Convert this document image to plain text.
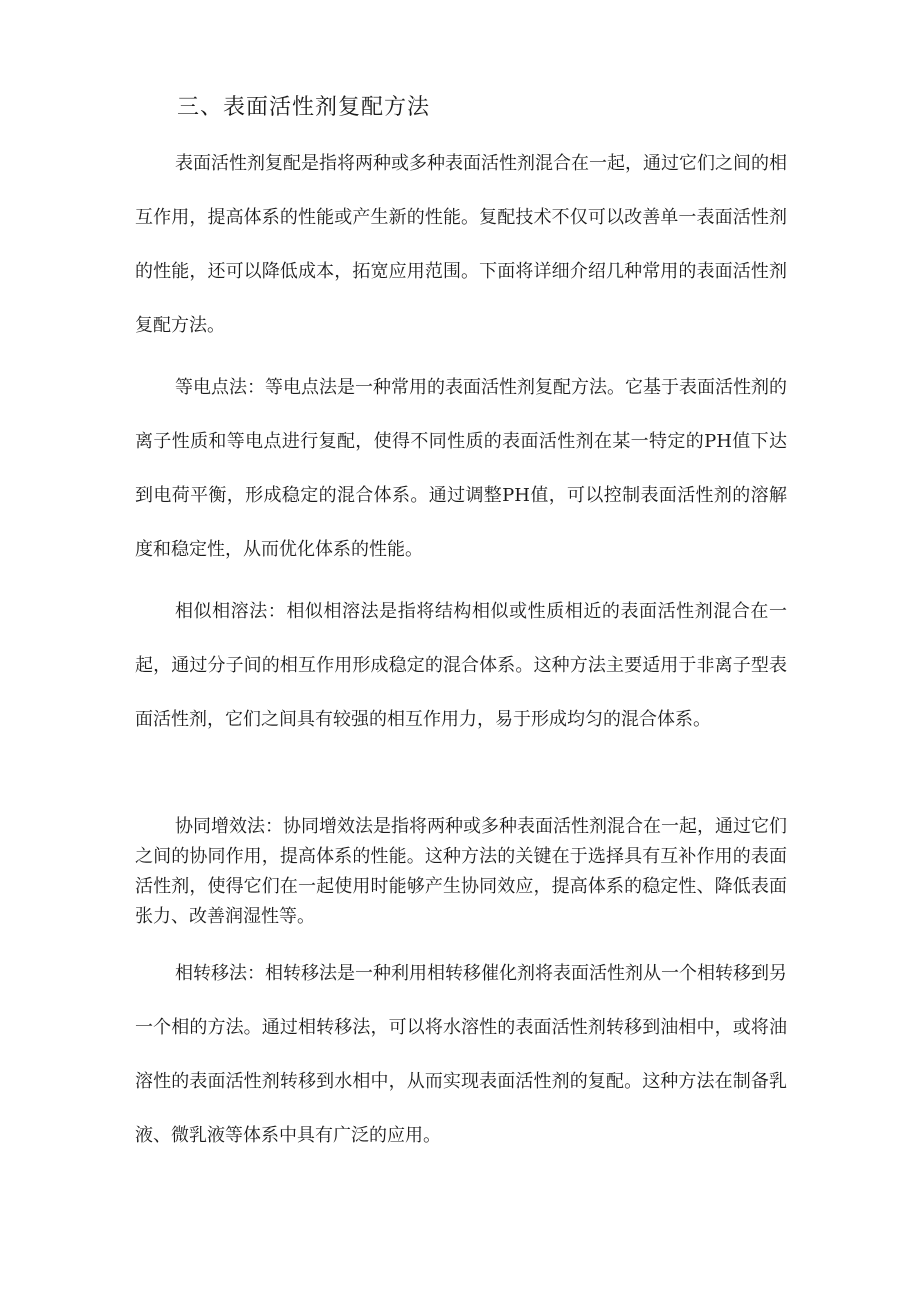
三、表面活性剂复配方法

表面活性剂复配是指将两种或多种表面活性剂混合在一起，通过它们之间的相互作用，提高体系的性能或产生新的性能。复配技术不仅可以改善单一表面活性剂的性能，还可以降低成本，拓宽应用范围。下面将详细介绍几种常用的表面活性剂复配方法。

等电点法：等电点法是一种常用的表面活性剂复配方法。它基于表面活性剂的离子性质和等电点进行复配，使得不同性质的表面活性剂在某一特定的PH值下达到电荷平衡，形成稳定的混合体系。通过调整PH值，可以控制表面活性剂的溶解度和稳定性，从而优化体系的性能。

相似相溶法：相似相溶法是指将结构相似或性质相近的表面活性剂混合在一起，通过分子间的相互作用形成稳定的混合体系。这种方法主要适用于非离子型表面活性剂，它们之间具有较强的相互作用力，易于形成均匀的混合体系。

协同增效法：协同增效法是指将两种或多种表面活性剂混合在一起，通过它们之间的协同作用，提高体系的性能。这种方法的关键在于选择具有互补作用的表面活性剂，使得它们在一起使用时能够产生协同效应，提高体系的稳定性、降低表面张力、改善润湿性等。

相转移法：相转移法是一种利用相转移催化剂将表面活性剂从一个相转移到另一个相的方法。通过相转移法，可以将水溶性的表面活性剂转移到油相中，或将油溶性的表面活性剂转移到水相中，从而实现表面活性剂的复配。这种方法在制备乳液、微乳液等体系中具有广泛的应用。
